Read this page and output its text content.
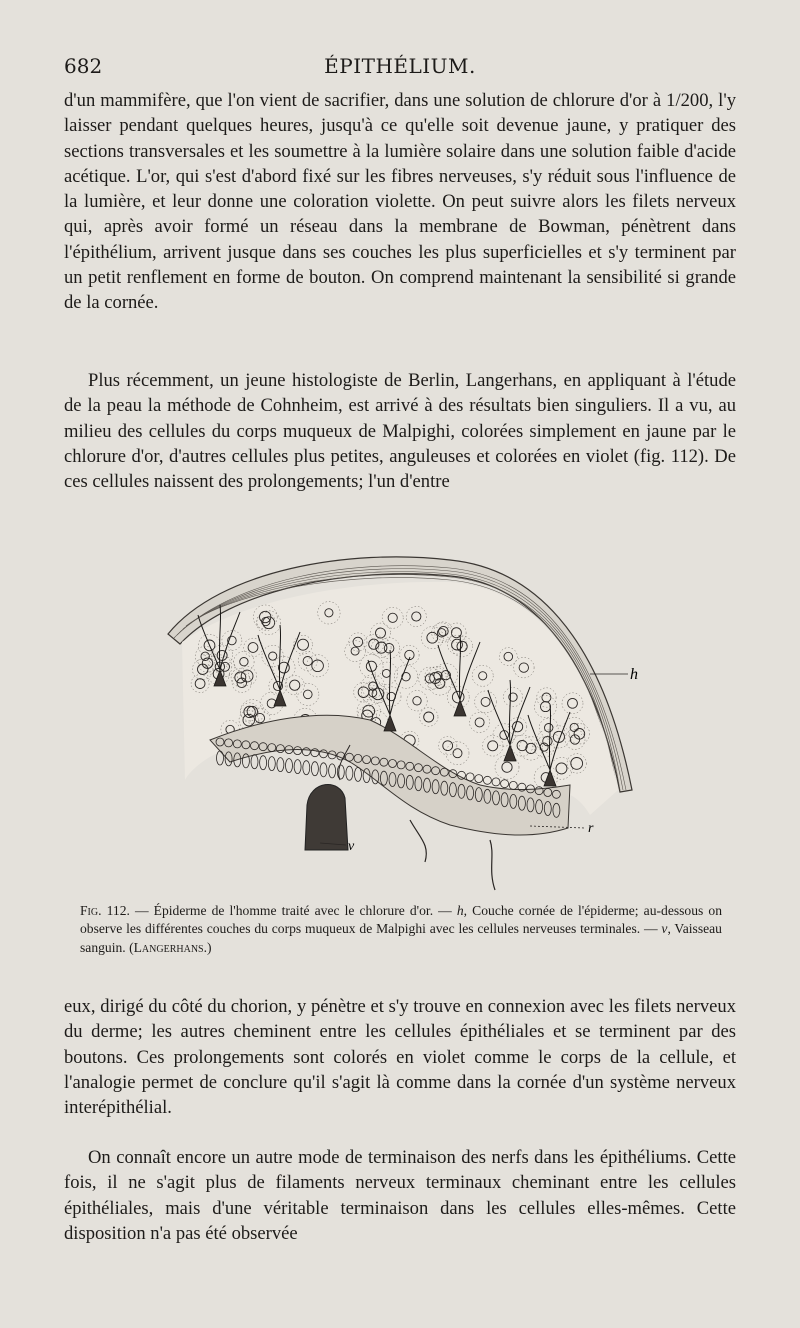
682	ÉPITHÉLIUM.

d'un mammifère, que l'on vient de sacrifier, dans une solution de chlorure d'or à 1/200, l'y laisser pendant quelques heures, jusqu'à ce qu'elle soit devenue jaune, y pratiquer des sections transversales et les soumettre à la lumière solaire dans une solution faible d'acide acétique. L'or, qui s'est d'abord fixé sur les fibres nerveuses, s'y réduit sous l'influence de la lumière, et leur donne une coloration violette. On peut suivre alors les filets nerveux qui, après avoir formé un réseau dans la membrane de Bowman, pénètrent dans l'épithélium, arrivent jusque dans ses couches les plus superficielles et s'y terminent par un petit renflement en forme de bouton. On comprend maintenant la sensibilité si grande de la cornée.

Plus récemment, un jeune histologiste de Berlin, Langerhans, en appliquant à l'étude de la peau la méthode de Cohnheim, est arrivé à des résultats bien singuliers. Il a vu, au milieu des cellules du corps muqueux de Malpighi, colorées simplement en jaune par le chlorure d'or, d'autres cellules plus petites, anguleuses et colorées en violet (fig. 112). De ces cellules naissent des prolongements; l'un d'entre

h
r
v

Fig. 112. — Épiderme de l'homme traité avec le chlorure d'or. — h, Couche cornée de l'épiderme; au-dessous on observe les différentes couches du corps muqueux de Malpighi avec les cellules nerveuses terminales. — v, Vaisseau sanguin. (Langerhans.)

eux, dirigé du côté du chorion, y pénètre et s'y trouve en connexion avec les filets nerveux du derme; les autres cheminent entre les cellules épithéliales et se terminent par des boutons. Ces prolongements sont colorés en violet comme le corps de la cellule, et l'analogie permet de conclure qu'il s'agit là comme dans la cornée d'un système nerveux interépithélial.

On connaît encore un autre mode de terminaison des nerfs dans les épithéliums. Cette fois, il ne s'agit plus de filaments nerveux terminaux cheminant entre les cellules épithéliales, mais d'une véritable terminaison dans les cellules elles-mêmes. Cette disposition n'a pas été observée
